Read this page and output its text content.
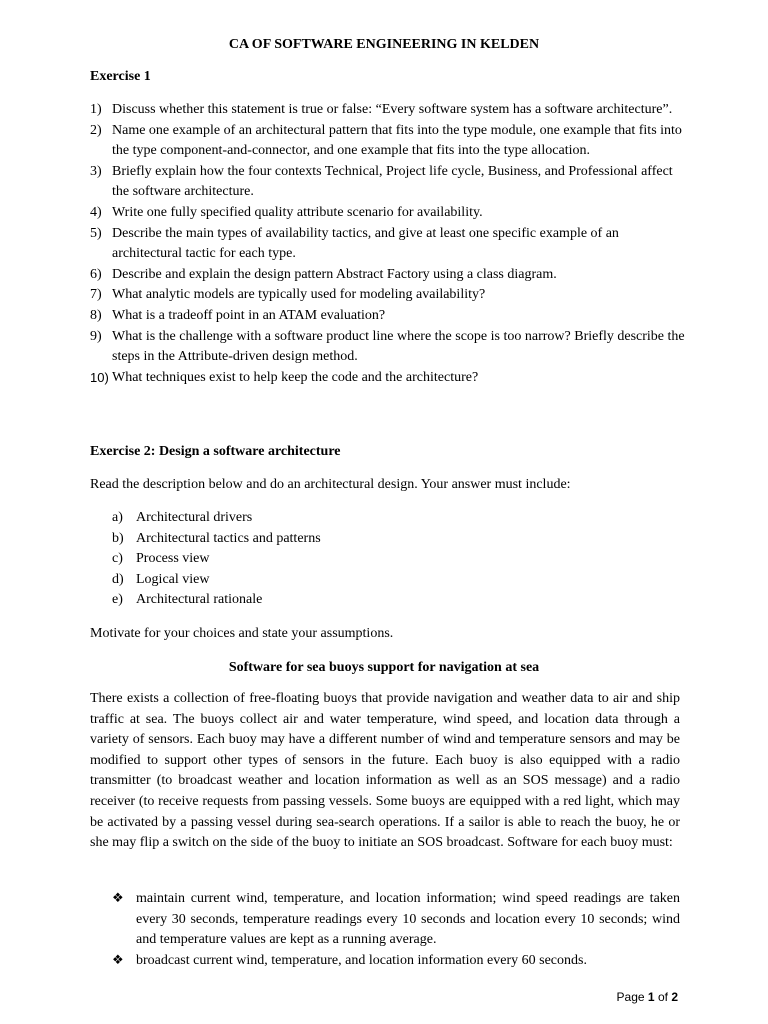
CA OF SOFTWARE ENGINEERING IN KELDEN
Exercise 1
1) Discuss whether this statement is true or false: “Every software system has a software architecture”.
2) Name one example of an architectural pattern that fits into the type module, one example that fits into the type component-and-connector, and one example that fits into the type allocation.
3) Briefly explain how the four contexts Technical, Project life cycle, Business, and Professional affect the software architecture.
4) Write one fully specified quality attribute scenario for availability.
5) Describe the main types of availability tactics, and give at least one specific example of an architectural tactic for each type.
6) Describe and explain the design pattern Abstract Factory using a class diagram.
7) What analytic models are typically used for modeling availability?
8) What is a tradeoff point in an ATAM evaluation?
9) What is the challenge with a software product line where the scope is too narrow? Briefly describe the steps in the Attribute-driven design method.
10) What techniques exist to help keep the code and the architecture?
Exercise 2: Design a software architecture

Read the description below and do an architectural design. Your answer must include:

a) Architectural drivers
b) Architectural tactics and patterns
c) Process view
d) Logical view
e) Architectural rationale

Motivate for your choices and state your assumptions.

Software for sea buoys support for navigation at sea

There exists a collection of free-floating buoys that provide navigation and weather data to air and ship traffic at sea. The buoys collect air and water temperature, wind speed, and location data through a variety of sensors. Each buoy may have a different number of wind and temperature sensors and may be modified to support other types of sensors in the future. Each buoy is also equipped with a radio transmitter (to broadcast weather and location information as well as an SOS message) and a radio receiver (to receive requests from passing vessels. Some buoys are equipped with a red light, which may be activated by a passing vessel during sea-search operations. If a sailor is able to reach the buoy, he or she may flip a switch on the side of the buoy to initiate an SOS broadcast. Software for each buoy must:

❖ maintain current wind, temperature, and location information; wind speed readings are taken every 30 seconds, temperature readings every 10 seconds and location every 10 seconds; wind and temperature values are kept as a running average.
❖ broadcast current wind, temperature, and location information every 60 seconds.
Page 1 of 2
